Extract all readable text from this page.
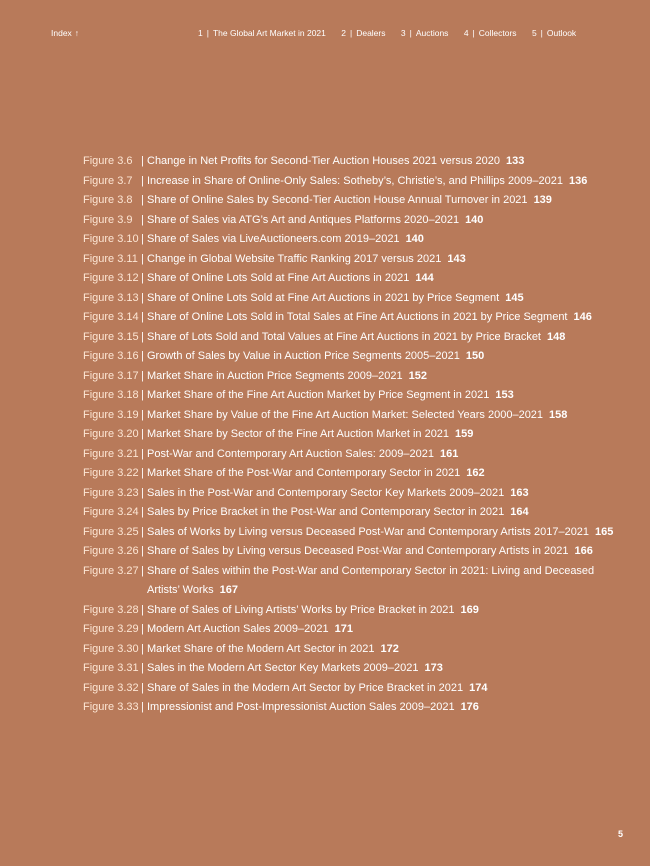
Index ↑	1 | The Global Art Market in 2021 2 | Dealers 3 | Auctions 4 | Collectors 5 | Outlook
Figure 3.6 | Change in Net Profits for Second-Tier Auction Houses 2021 versus 2020 133
Figure 3.7 | Increase in Share of Online-Only Sales: Sotheby’s, Christie’s, and Phillips 2009–2021 136
Figure 3.8 | Share of Online Sales by Second-Tier Auction House Annual Turnover in 2021 139
Figure 3.9 | Share of Sales via ATG’s Art and Antiques Platforms 2020–2021 140
Figure 3.10 | Share of Sales via LiveAuctioneers.com 2019–2021 140
Figure 3.11 | Change in Global Website Traffic Ranking 2017 versus 2021 143
Figure 3.12 | Share of Online Lots Sold at Fine Art Auctions in 2021 144
Figure 3.13 | Share of Online Lots Sold at Fine Art Auctions in 2021 by Price Segment 145
Figure 3.14 | Share of Online Lots Sold in Total Sales at Fine Art Auctions in 2021 by Price Segment 146
Figure 3.15 | Share of Lots Sold and Total Values at Fine Art Auctions in 2021 by Price Bracket 148
Figure 3.16 | Growth of Sales by Value in Auction Price Segments 2005–2021 150
Figure 3.17 | Market Share in Auction Price Segments 2009–2021 152
Figure 3.18 | Market Share of the Fine Art Auction Market by Price Segment in 2021 153
Figure 3.19 | Market Share by Value of the Fine Art Auction Market: Selected Years 2000–2021 158
Figure 3.20 | Market Share by Sector of the Fine Art Auction Market in 2021 159
Figure 3.21 | Post-War and Contemporary Art Auction Sales: 2009–2021 161
Figure 3.22 | Market Share of the Post-War and Contemporary Sector in 2021 162
Figure 3.23 | Sales in the Post-War and Contemporary Sector Key Markets 2009–2021 163
Figure 3.24 | Sales by Price Bracket in the Post-War and Contemporary Sector in 2021 164
Figure 3.25 | Sales of Works by Living versus Deceased Post-War and Contemporary Artists 2017–2021 165
Figure 3.26 | Share of Sales by Living versus Deceased Post-War and Contemporary Artists in 2021 166
Figure 3.27 | Share of Sales within the Post-War and Contemporary Sector in 2021: Living and Deceased Artists’ Works 167
Figure 3.28 | Share of Sales of Living Artists’ Works by Price Bracket in 2021 169
Figure 3.29 | Modern Art Auction Sales 2009–2021 171
Figure 3.30 | Market Share of the Modern Art Sector in 2021 172
Figure 3.31 | Sales in the Modern Art Sector Key Markets 2009–2021 173
Figure 3.32 | Share of Sales in the Modern Art Sector by Price Bracket in 2021 174
Figure 3.33 | Impressionist and Post-Impressionist Auction Sales 2009–2021 176
5
